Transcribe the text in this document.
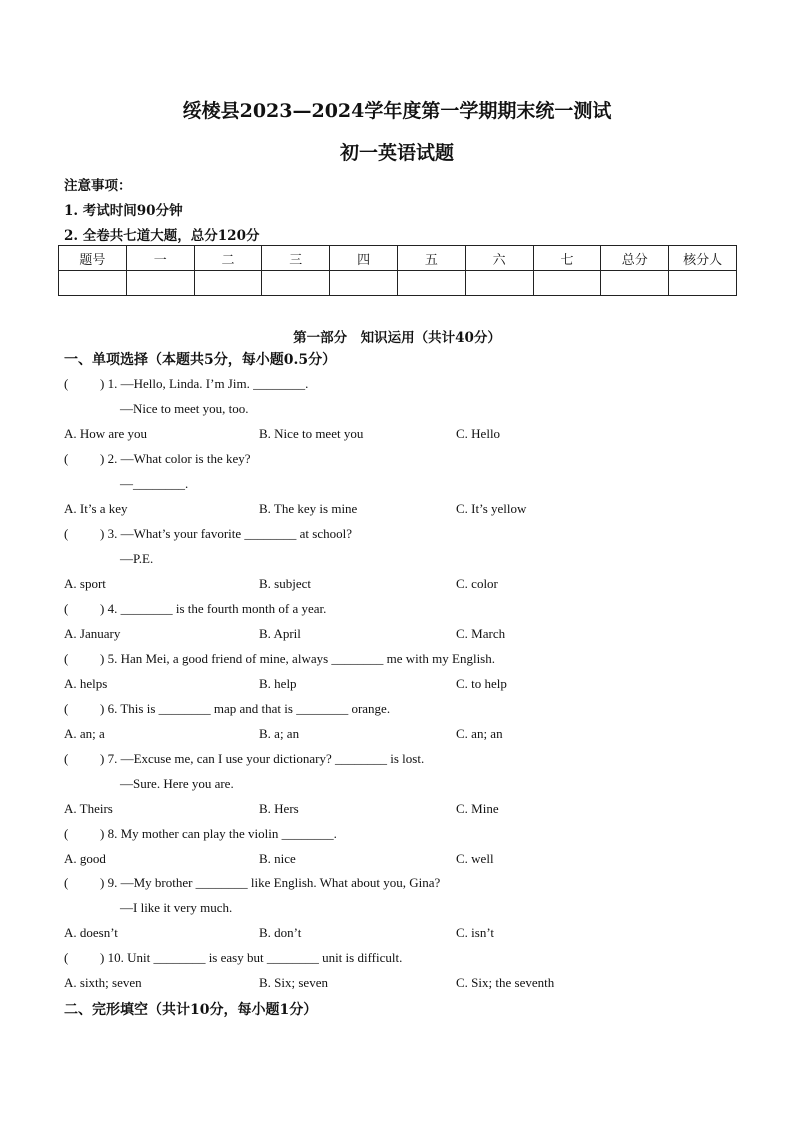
绥棱县2023—2024学年度第一学期期末统一测试
初一英语试题
注意事项：
1. 考试时间90分钟
2. 全卷共七道大题，总分120分
题号	一	二	三	四	五	六	七	总分	核分人

第一部分　知识运用（共计40分）
一、单项选择（本题共5分，每小题0.5分）
( ) 1. —Hello, Linda. I’m Jim. ________.
—Nice to meet you, too.
A. How are you	B. Nice to meet you	C. Hello
( ) 2. —What color is the key?
—________.
A. It’s a key	B. The key is mine	C. It’s yellow
( ) 3. —What’s your favorite ________ at school?
—P.E.
A. sport	B. subject	C. color
( ) 4. ________ is the fourth month of a year.
A. January	B. April	C. March
( ) 5. Han Mei, a good friend of mine, always ________ me with my English.
A. helps	B. help	C. to help
( ) 6. This is ________ map and that is ________ orange.
A. an; a	B. a; an	C. an; an
( ) 7. —Excuse me, can I use your dictionary? ________ is lost.
—Sure. Here you are.
A. Theirs	B. Hers	C. Mine
( ) 8. My mother can play the violin ________.
A. good	B. nice	C. well
( ) 9. —My brother ________ like English. What about you, Gina?
—I like it very much.
A. doesn’t	B. don’t	C. isn’t
( ) 10. Unit ________ is easy but ________ unit is difficult.
A. sixth; seven	B. Six; seven	C. Six; the seventh
二、完形填空（共计10分，每小题1分）
